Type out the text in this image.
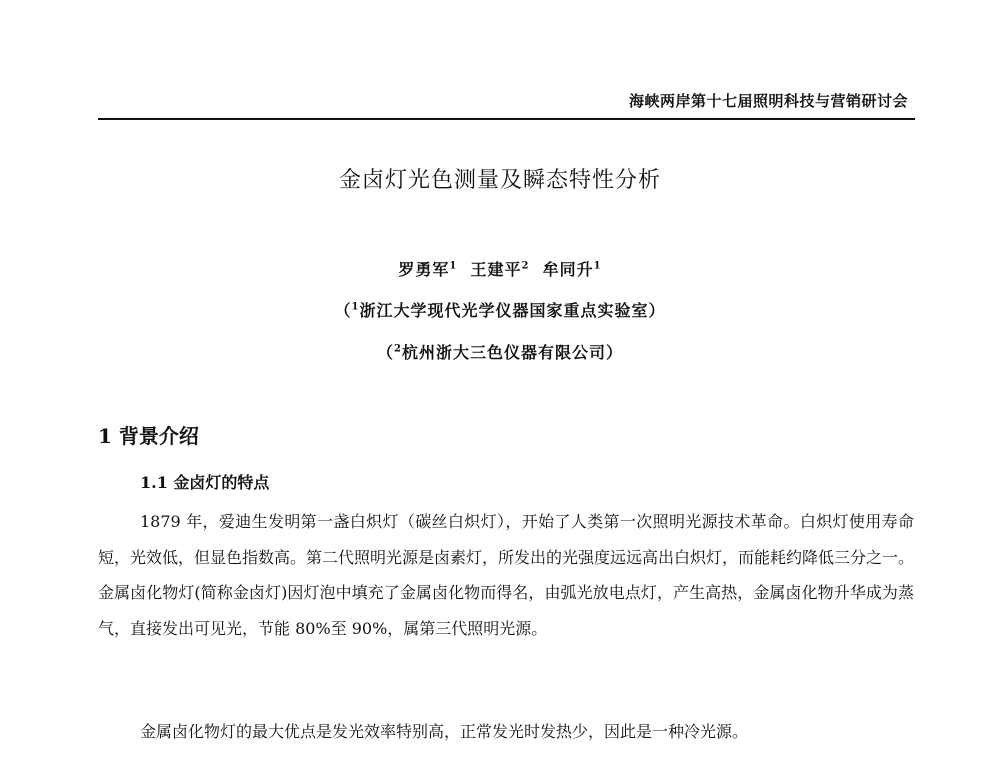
海峡两岸第十七届照明科技与营销研讨会
金卤灯光色测量及瞬态特性分析
罗勇军$^1$ 王建平$^2$ 牟同升$^1$
（$^1$浙江大学现代光学仪器国家重点实验室）
（$^2$杭州浙大三色仪器有限公司）
1 背景介绍
1.1 金卤灯的特点

1879 年，爱迪生发明第一盏白炽灯（碳丝白炽灯），开始了人类第一次照明光源技术革命。白炽灯使用寿命短，光效低，但显色指数高。第二代照明光源是卤素灯，所发出的光强度远远高出白炽灯，而能耗约降低三分之一。金属卤化物灯(简称金卤灯)因灯泡中填充了金属卤化物而得名，由弧光放电点灯，产生高热，金属卤化物升华成为蒸气，直接发出可见光，节能 80%至 90%，属第三代照明光源。

金属卤化物灯的最大优点是发光效率特别高，正常发光时发热少，因此是一种冷光源。
